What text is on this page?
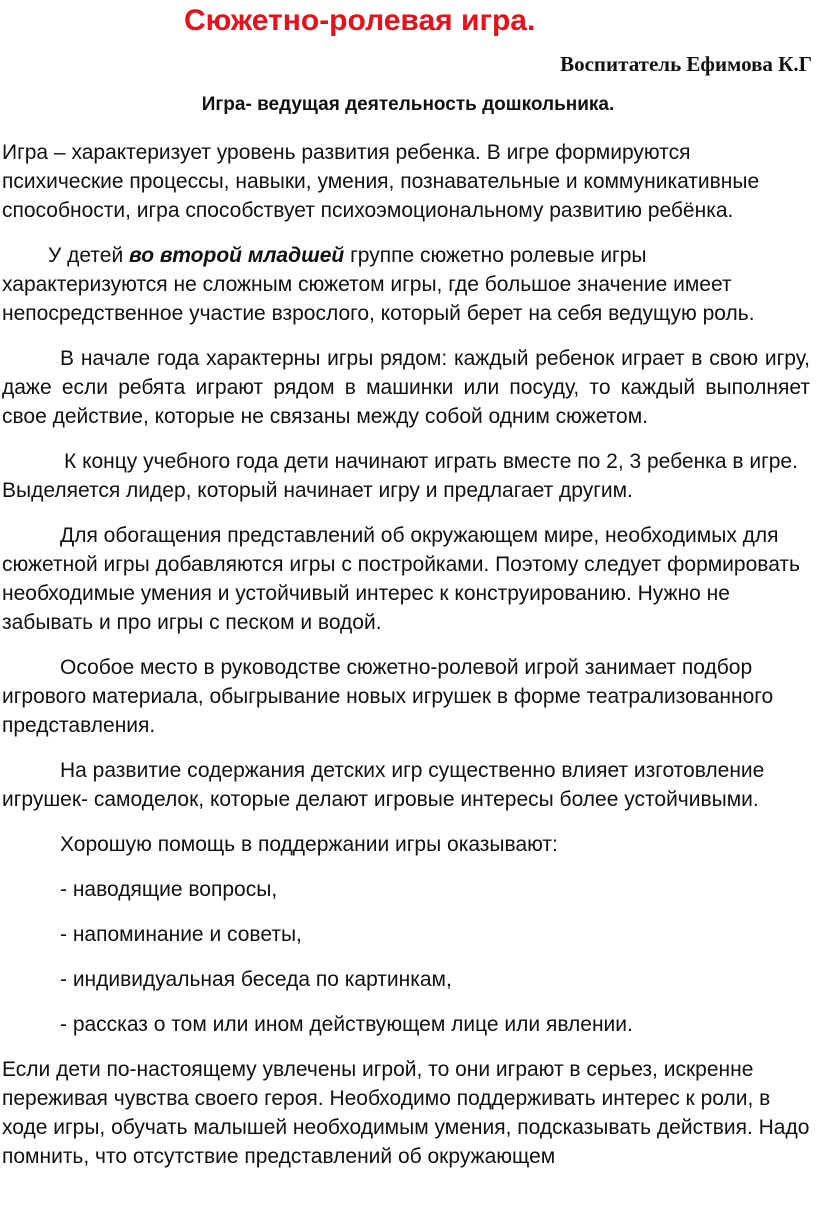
Сюжетно-ролевая игра.
Воспитатель Ефимова К.Г
Игра- ведущая деятельность дошкольника.

Игра – характеризует уровень развития ребенка. В игре формируются психические процессы, навыки, умения, познавательные и коммуникативные способности, игра способствует психоэмоциональному развитию ребёнка.

У детей во второй младшей группе сюжетно ролевые игры характеризуются не сложным сюжетом игры, где большое значение имеет непосредственное участие взрослого, который берет на себя ведущую роль.

В начале года характерны игры рядом: каждый ребенок играет в свою игру, даже если ребята играют рядом в машинки или посуду, то каждый выполняет свое действие, которые не связаны между собой одним сюжетом.

К концу учебного года дети начинают играть вместе по 2, 3 ребенка в игре. Выделяется лидер, который начинает игру и предлагает другим.

Для обогащения представлений об окружающем мире, необходимых для сюжетной игры добавляются игры с постройками. Поэтому следует формировать необходимые умения и устойчивый интерес к конструированию. Нужно не забывать и про игры с песком и водой.

Особое место в руководстве сюжетно-ролевой игрой занимает подбор игрового материала, обыгрывание новых игрушек в форме театрализованного представления.

На развитие содержания детских игр существенно влияет изготовление игрушек- самоделок, которые делают игровые интересы более устойчивыми.

Хорошую помощь в поддержании игры оказывают:

- наводящие вопросы,

- напоминание и советы,

- индивидуальная беседа по картинкам,

- рассказ о том или ином действующем лице или явлении.

Если дети по-настоящему увлечены игрой, то они играют в серьез, искренне переживая чувства своего героя. Необходимо поддерживать интерес к роли, в ходе игры, обучать малышей необходимым умения, подсказывать действия. Надо помнить, что отсутствие представлений об окружающем
